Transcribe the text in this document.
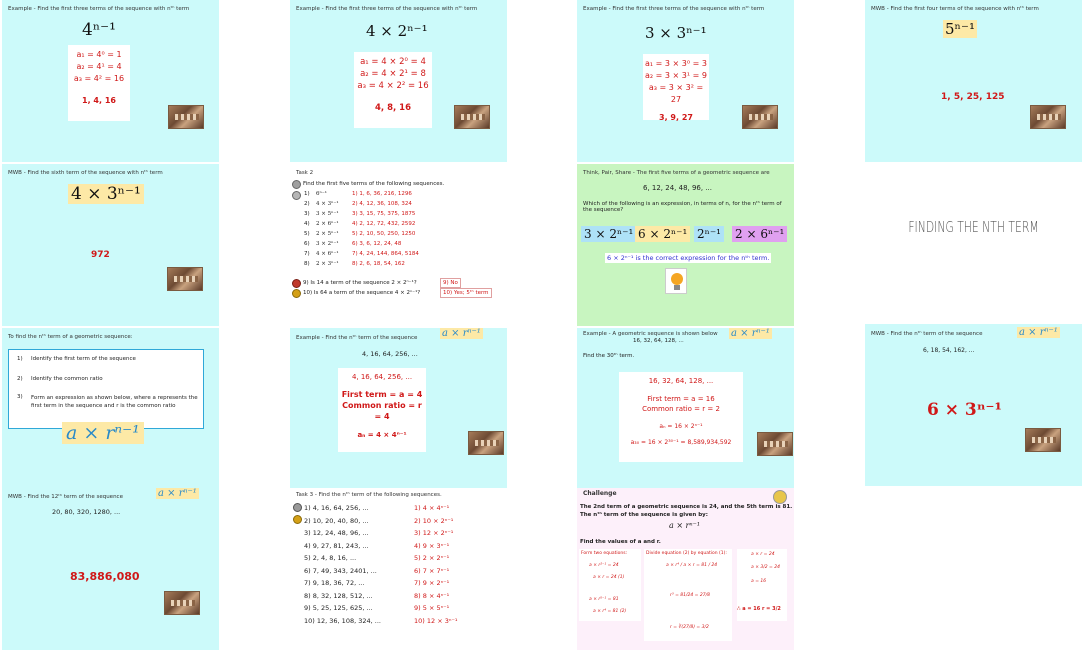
Example - Find the first three terms of the sequence with nᵗʰ term
4ⁿ⁻¹
a₁ = 4⁰ = 1
a₂ = 4¹ = 4
a₃ = 4² = 16
1, 4, 16
Example - Find the first three terms of the sequence with nᵗʰ term
4 × 2ⁿ⁻¹
a₁ = 4 × 2⁰ = 4
a₂ = 4 × 2¹ = 8
a₃ = 4 × 2² = 16
4, 8, 16
Example - Find the first three terms of the sequence with nᵗʰ term
3 × 3ⁿ⁻¹
a₁ = 3 × 3⁰ = 3
a₂ = 3 × 3¹ = 9
a₃ = 3 × 3² = 27
3, 9, 27
MWB - Find the first four terms of the sequence with nᵗʰ term
5ⁿ⁻¹
1, 5, 25, 125
MWB - Find the sixth term of the sequence with nᵗʰ term
4 × 3ⁿ⁻¹
972
Task 2
Find the first five terms of the following sequences.
1) 6ⁿ⁻¹	1) 1, 6, 36, 216, 1296
2) 4 × 3ⁿ⁻¹ 2) 4, 12, 36, 108, 324
3) 3 × 5ⁿ⁻¹ 3) 3, 15, 75, 375, 1875
4) 2 × 6ⁿ⁻¹ 4) 2, 12, 72, 432, 2592
5) 2 × 5ⁿ⁻¹ 5) 2, 10, 50, 250, 1250
6) 3 × 2ⁿ⁻¹ 6) 3, 6, 12, 24, 48
7) 4 × 6ⁿ⁻¹ 7) 4, 24, 144, 864, 5184
8) 2 × 3ⁿ⁻¹ 8) 2, 6, 18, 54, 162
9) Is 14 a term of the sequence 2 × 2ⁿ⁻¹?	9) No
10) Is 64 a term of the sequence 4 × 2ⁿ⁻¹?	10) Yes; 5ᵗʰ term
Think, Pair, Share - The first five terms of a geometric sequence are
6, 12, 24, 48, 96, ...
Which of the following is an expression, in terms of n, for the nᵗʰ term of the sequence?
3 × 2ⁿ⁻¹ 6 × 2ⁿ⁻¹ 2ⁿ⁻¹ 2 × 6ⁿ⁻¹
6 × 2ⁿ⁻¹ is the correct expression for the nᵗʰ term.
FINDING THE NTH TERM
To find the nᵗʰ term of a geometric sequence:
1) Identify the first term of the sequence
2) Identify the common ratio
3) Form an expression as shown below, where a represents the first term in the sequence and r is the common ratio
a × rⁿ⁻¹
Example - Find the nᵗʰ term of the sequence a × rⁿ⁻¹
4, 16, 64, 256, ...
4, 16, 64, 256, ...
First term = a = 4
Common ratio = r = 4
aₙ = 4 × 4ⁿ⁻¹
Example - A geometric sequence is shown below a × rⁿ⁻¹
16, 32, 64, 128, ...
Find the 30ᵗʰ term.
16, 32, 64, 128, ...
First term = a = 16
Common ratio = r = 2
aₙ = 16 × 2ⁿ⁻¹
a₃₀ = 16 × 2³⁰⁻¹ = 8,589,934,592
MWB - Find the nᵗʰ term of the sequence	a × rⁿ⁻¹
6, 18, 54, 162, ...
6 × 3ⁿ⁻¹
MWB - Find the 12ᵗʰ term of the sequence	a × rⁿ⁻¹
20, 80, 320, 1280, ...
83,886,080
Task 3 - Find the nᵗʰ term of the following sequences.
1) 4, 16, 64, 256, ...	1) 4 × 4ⁿ⁻¹
2) 10, 20, 40, 80, ...	2) 10 × 2ⁿ⁻¹
3) 12, 24, 48, 96, ...	3) 12 × 2ⁿ⁻¹
4) 9, 27, 81, 243, ...	4) 9 × 3ⁿ⁻¹
5) 2, 4, 8, 16, ...	5) 2 × 2ⁿ⁻¹
6) 7, 49, 343, 2401, ...	6) 7 × 7ⁿ⁻¹
7) 9, 18, 36, 72, ...	7) 9 × 2ⁿ⁻¹
8) 8, 32, 128, 512, ...	8) 8 × 4ⁿ⁻¹
9) 5, 25, 125, 625, ...	9) 5 × 5ⁿ⁻¹
10) 12, 36, 108, 324, ...	10) 12 × 3ⁿ⁻¹
Challenge
The 2nd term of a geometric sequence is 24, and the 5th term is 81.
The nᵗʰ term of the sequence is given by:
a × rⁿ⁻¹
Find the values of a and r.
Form two equations:
a × r²⁻¹ = 24
a × r = 24 (1)
a × r⁵⁻¹ = 81
a × r⁴ = 81 (2)
Divide equation (2) by equation (1):
a × r⁴ / a × r = 81 / 24
r³ = 81/24 = 27/8
r = ∛(27/8) = 3/2
a × r = 24
a × 3/2 = 24
a = 16
∴ a = 16 r = 3/2
